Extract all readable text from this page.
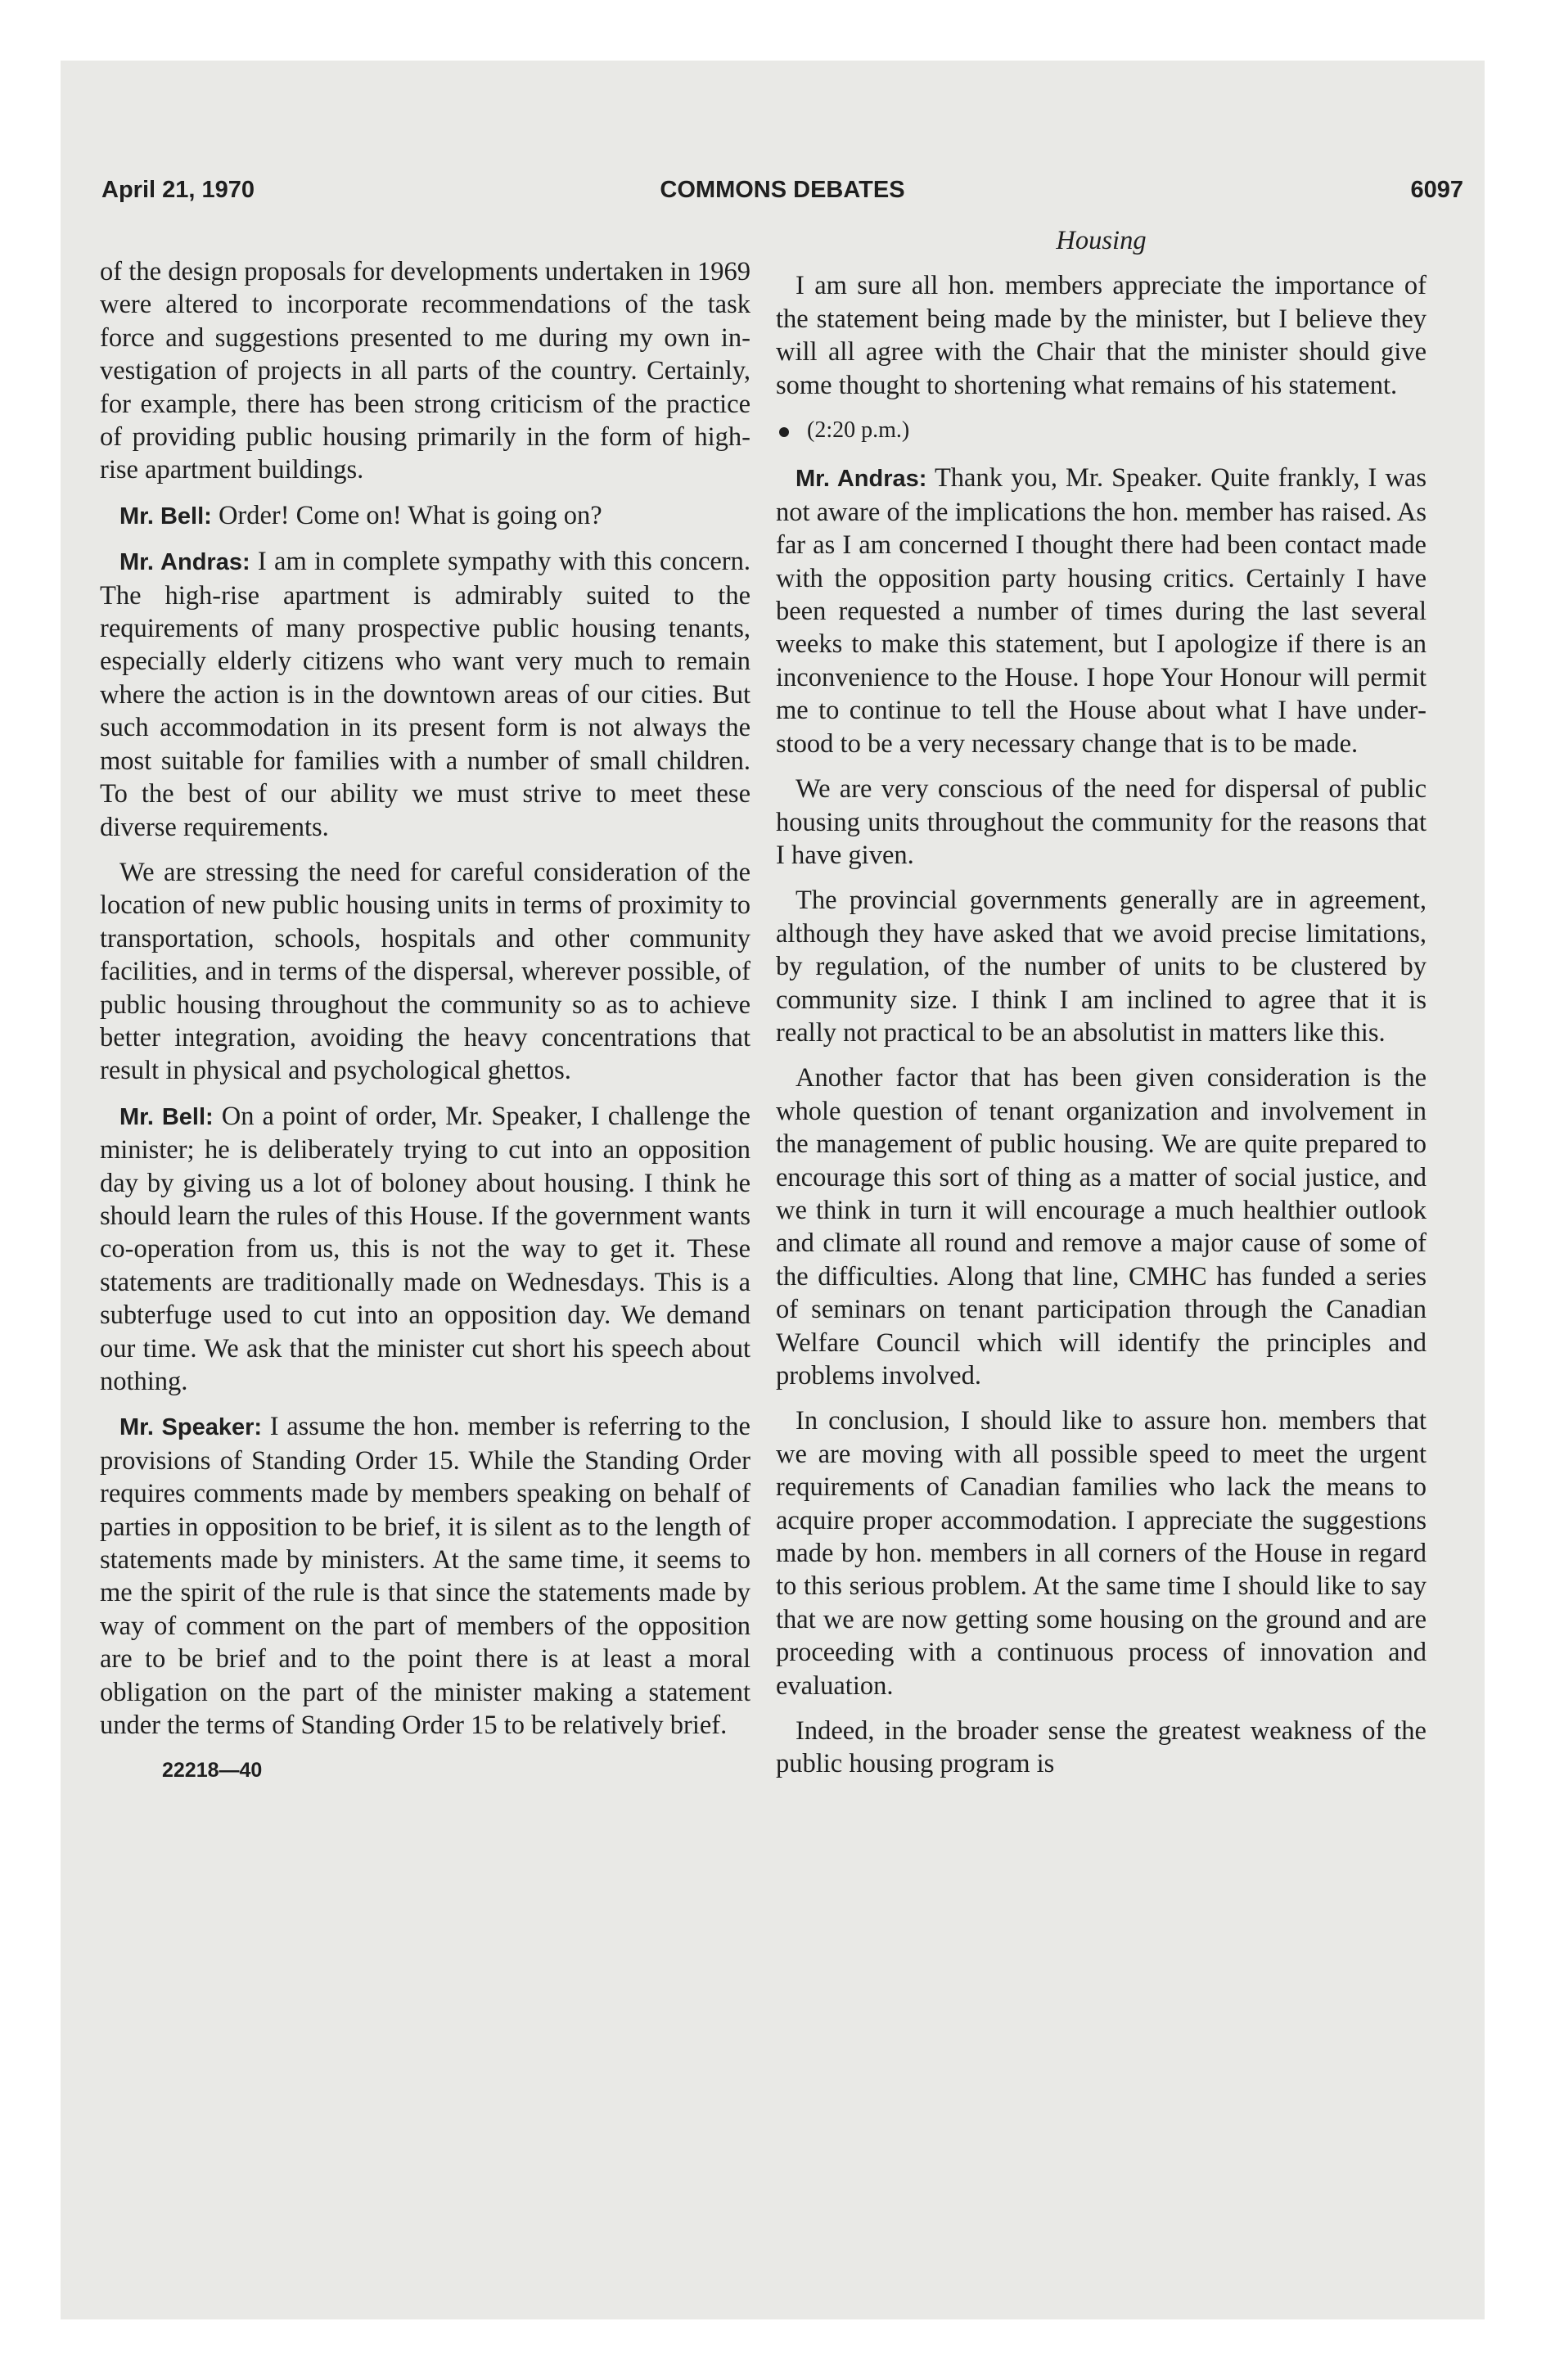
April 21, 1970	COMMONS DEBATES	6097

of the design proposals for developments undertaken in 1969 were altered to incorporate recommendations of the task force and suggestions presented to me during my own investigation of projects in all parts of the country. Certainly, for example, there has been strong criticism of the practice of providing public housing primarily in the form of high-rise apartment buildings.

Mr. Bell: Order! Come on! What is going on?

Mr. Andras: I am in complete sympathy with this concern. The high-rise apartment is admirably suited to the requirements of many prospective public housing tenants, especially elderly citizens who want very much to remain where the action is in the downtown areas of our cities. But such accommodation in its present form is not always the most suitable for families with a number of small children. To the best of our ability we must strive to meet these diverse requirements.

We are stressing the need for careful consideration of the location of new public housing units in terms of proximity to transportation, schools, hospitals and other community facilities, and in terms of the dispersal, wherever possible, of public housing throughout the community so as to achieve better integration, avoiding the heavy concentrations that result in physical and psychological ghettos.

Mr. Bell: On a point of order, Mr. Speaker, I challenge the minister; he is deliberately trying to cut into an opposition day by giving us a lot of boloney about housing. I think he should learn the rules of this House. If the government wants co-operation from us, this is not the way to get it. These statements are traditionally made on Wednesdays. This is a subterfuge used to cut into an opposition day. We demand our time. We ask that the minister cut short his speech about nothing.

Mr. Speaker: I assume the hon. member is referring to the provisions of Standing Order 15. While the Standing Order requires comments made by members speaking on behalf of parties in opposition to be brief, it is silent as to the length of statements made by ministers. At the same time, it seems to me the spirit of the rule is that since the statements made by way of comment on the part of members of the opposition are to be brief and to the point there is at least a moral obligation on the part of the minister making a statement under the terms of Standing Order 15 to be relatively brief.

22218—40

Housing

I am sure all hon. members appreciate the importance of the statement being made by the minister, but I believe they will all agree with the Chair that the minister should give some thought to shortening what remains of his statement.

(2:20 p.m.)

Mr. Andras: Thank you, Mr. Speaker. Quite frankly, I was not aware of the implications the hon. member has raised. As far as I am concerned I thought there had been contact made with the opposition party housing critics. Certainly I have been requested a number of times during the last several weeks to make this statement, but I apologize if there is an inconvenience to the House. I hope Your Honour will permit me to continue to tell the House about what I have understood to be a very necessary change that is to be made.

We are very conscious of the need for dispersal of public housing units throughout the community for the reasons that I have given.

The provincial governments generally are in agreement, although they have asked that we avoid precise limitations, by regulation, of the number of units to be clustered by community size. I think I am inclined to agree that it is really not practical to be an absolutist in matters like this.

Another factor that has been given consideration is the whole question of tenant organization and involvement in the management of public housing. We are quite prepared to encourage this sort of thing as a matter of social justice, and we think in turn it will encourage a much healthier outlook and climate all round and remove a major cause of some of the difficulties. Along that line, CMHC has funded a series of seminars on tenant participation through the Canadian Welfare Council which will identify the principles and problems involved.

In conclusion, I should like to assure hon. members that we are moving with all possible speed to meet the urgent requirements of Canadian families who lack the means to acquire proper accommodation. I appreciate the suggestions made by hon. members in all corners of the House in regard to this serious problem. At the same time I should like to say that we are now getting some housing on the ground and are proceeding with a continuous process of innovation and evaluation.

Indeed, in the broader sense the greatest weakness of the public housing program is
